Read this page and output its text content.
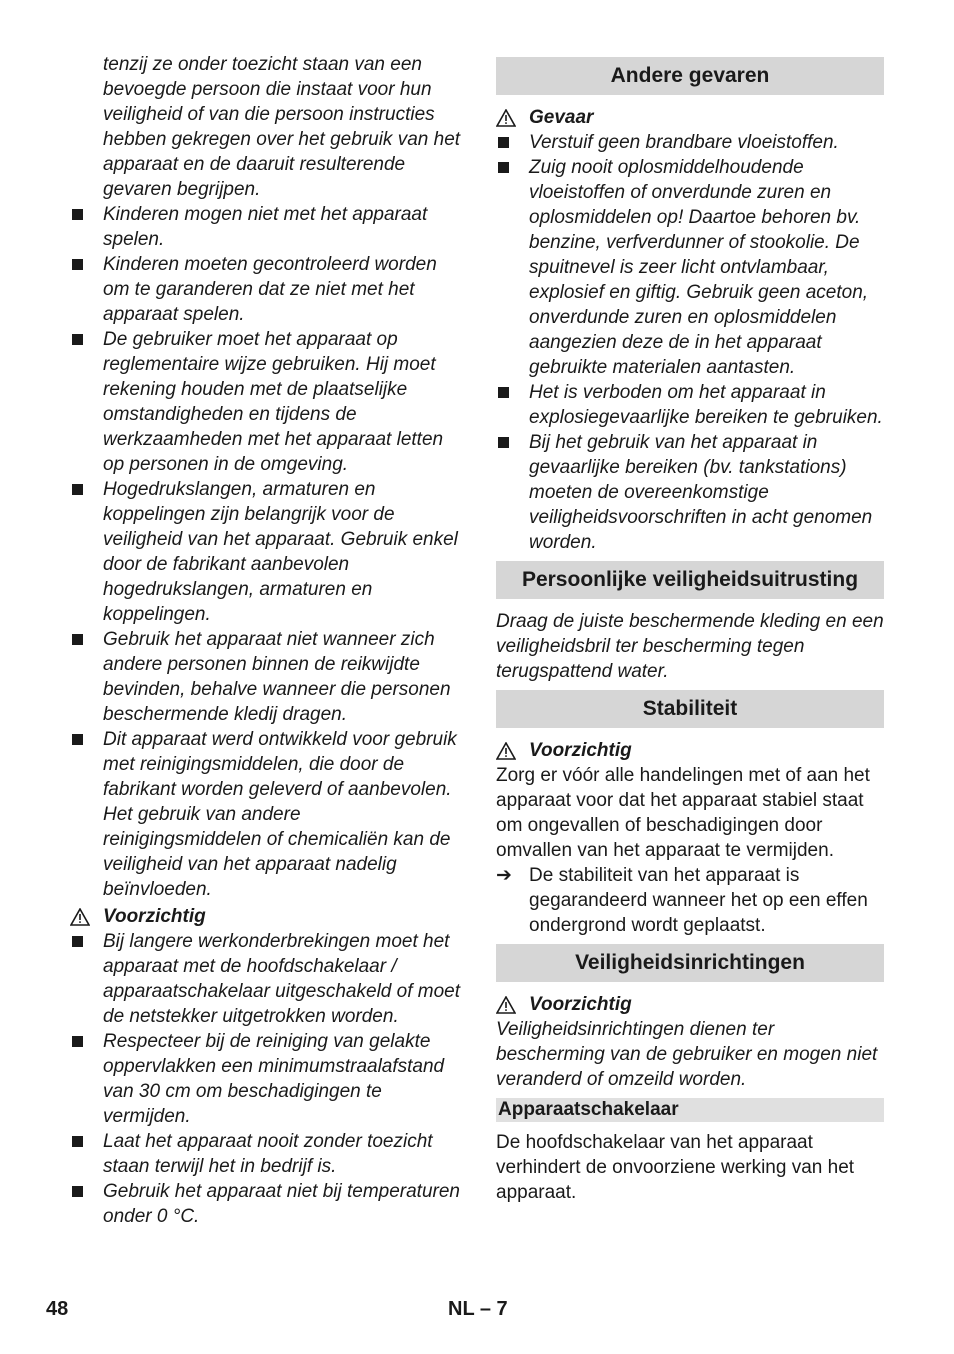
tenzij ze onder toezicht staan van een bevoegde persoon die instaat voor hun veiligheid of van die persoon instructies hebben gekregen over het gebruik van het apparaat en de daaruit resulterende gevaren begrijpen.
Kinderen mogen niet met het apparaat spelen.
Kinderen moeten gecontroleerd worden om te garanderen dat ze niet met het apparaat spelen.
De gebruiker moet het apparaat op reglementaire wijze gebruiken. Hij moet rekening houden met de plaatselijke omstandigheden en tijdens de werkzaamheden met het apparaat letten op personen in de omgeving.
Hogedrukslangen, armaturen en koppelingen zijn belangrijk voor de veiligheid van het apparaat. Gebruik enkel door de fabrikant aanbevolen hogedrukslangen, armaturen en koppelingen.
Gebruik het apparaat niet wanneer zich andere personen binnen de reikwijdte bevinden, behalve wanneer die personen beschermende kledij dragen.
Dit apparaat werd ontwikkeld voor gebruik met reinigingsmiddelen, die door de fabrikant worden geleverd of aanbevolen. Het gebruik van andere reinigingsmiddelen of chemicaliën kan de veiligheid van het apparaat nadelig beïnvloeden.
Voorzichtig
Bij langere werkonderbrekingen moet het apparaat met de hoofdschakelaar / apparaatschakelaar uitgeschakeld of moet de netstekker uitgetrokken worden.
Respecteer bij de reiniging van gelakte oppervlakken een minimumstraalafstand van 30 cm om beschadigingen te vermijden.
Laat het apparaat nooit zonder toezicht staan terwijl het in bedrijf is.
Gebruik het apparaat niet bij temperaturen onder 0 °C.
Andere gevaren
Gevaar
Verstuif geen brandbare vloeistoffen.
Zuig nooit oplosmiddelhoudende vloeistoffen of onverdunde zuren en oplosmiddelen op! Daartoe behoren bv. benzine, verfverdunner of stookolie. De spuitnevel is zeer licht ontvlambaar, explosief en giftig. Gebruik geen aceton, onverdunde zuren en oplosmiddelen aangezien deze de in het apparaat gebruikte materialen aantasten.
Het is verboden om het apparaat in explosiegevaarlijke bereiken te gebruiken.
Bij het gebruik van het apparaat in gevaarlijke bereiken (bv. tankstations) moeten de overeenkomstige veiligheidsvoorschriften in acht genomen worden.
Persoonlijke veiligheidsuitrusting
Draag de juiste beschermende kleding en een veiligheidsbril ter bescherming tegen terugspattend water.
Stabiliteit
Voorzichtig
Zorg er vóór alle handelingen met of aan het apparaat voor dat het apparaat stabiel staat om ongevallen of beschadigingen door omvallen van het apparaat te vermijden.
➔ De stabiliteit van het apparaat is gegarandeerd wanneer het op een effen ondergrond wordt geplaatst.
Veiligheidsinrichtingen
Voorzichtig
Veiligheidsinrichtingen dienen ter bescherming van de gebruiker en mogen niet veranderd of omzeild worden.
Apparaatschakelaar
De hoofdschakelaar van het apparaat verhindert de onvoorziene werking van het apparaat.
48	NL – 7
